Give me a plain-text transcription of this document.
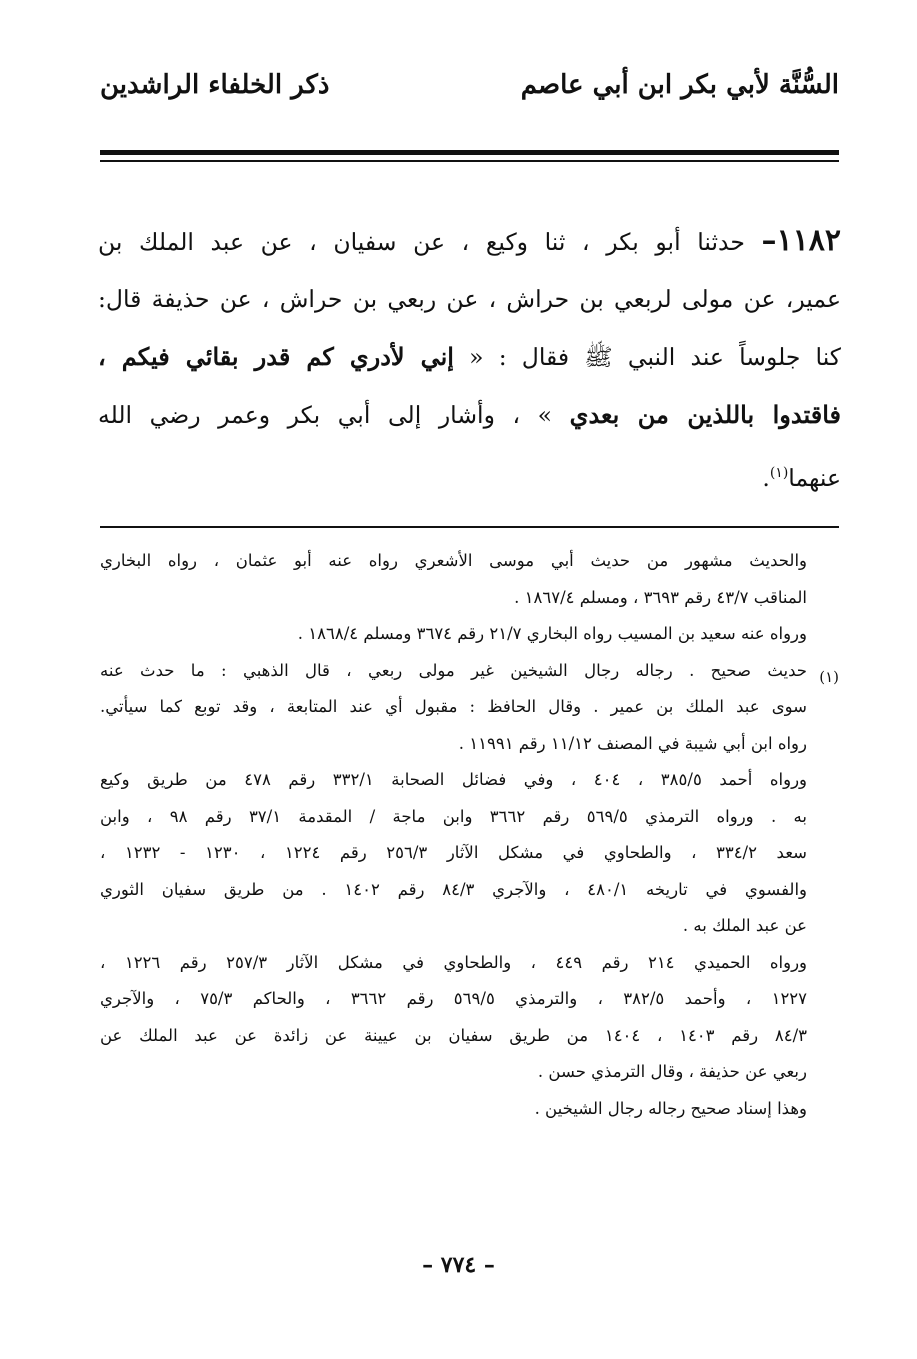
السُّنَّة لأبي بكر ابن أبي عاصم
ذكر الخلفاء الراشدين
١١٨٢– حدثنا أبو بكر ، ثنا وكيع ، عن سفيان ، عن عبد الملك بن
عمير، عن مولى لربعي بن حراش ، عن ربعي بن حراش ، عن حذيفة قال:
كنا جلوساً عند النبي ﷺ فقال : « إني لأدري كم قدر بقائي فيكم ،
فاقتدوا باللذين من بعدي » ، وأشار إلى أبي بكر وعمر رضي الله
عنهما$^{(١)}$.
(١)
والحديث مشهور من حديث أبي موسى الأشعري رواه عنه أبو عثمان ، رواه البخاري
المناقب ٤٣/٧ رقم ٣٦٩٣ ، ومسلم ١٨٦٧/٤ .
ورواه عنه سعيد بن المسيب رواه البخاري ٢١/٧ رقم ٣٦٧٤ ومسلم ١٨٦٨/٤ .
حديث صحيح . رجاله رجال الشيخين غير مولى ربعي ، قال الذهبي : ما حدث عنه
سوى عبد الملك بن عمير . وقال الحافظ : مقبول أي عند المتابعة ، وقد توبع كما سيأتي.
رواه ابن أبي شيبة في المصنف ١١/١٢ رقم ١١٩٩١ .
ورواه أحمد ٣٨٥/٥ ، ٤٠٤ ، وفي فضائل الصحابة ٣٣٢/١ رقم ٤٧٨ من طريق وكيع
به . ورواه الترمذي ٥٦٩/٥ رقم ٣٦٦٢ وابن ماجة / المقدمة ٣٧/١ رقم ٩٨ ، وابن
سعد ٣٣٤/٢ ، والطحاوي في مشكل الآثار ٢٥٦/٣ رقم ١٢٢٤ ، ١٢٣٠ - ١٢٣٢ ،
والفسوي في تاريخه ٤٨٠/١ ، والآجري ٨٤/٣ رقم ١٤٠٢ . من طريق سفيان الثوري
عن عبد الملك به .
ورواه الحميدي ٢١٤ رقم ٤٤٩ ، والطحاوي في مشكل الآثار ٢٥٧/٣ رقم ١٢٢٦ ،
١٢٢٧ ، وأحمد ٣٨٢/٥ ، والترمذي ٥٦٩/٥ رقم ٣٦٦٢ ، والحاكم ٧٥/٣ ، والآجري
٨٤/٣ رقم ١٤٠٣ ، ١٤٠٤ من طريق سفيان بن عيينة عن زائدة عن عبد الملك عن
ربعي عن حذيفة ، وقال الترمذي حسن .
وهذا إسناد صحيح رجاله رجال الشيخين .
– ٧٧٤ –
